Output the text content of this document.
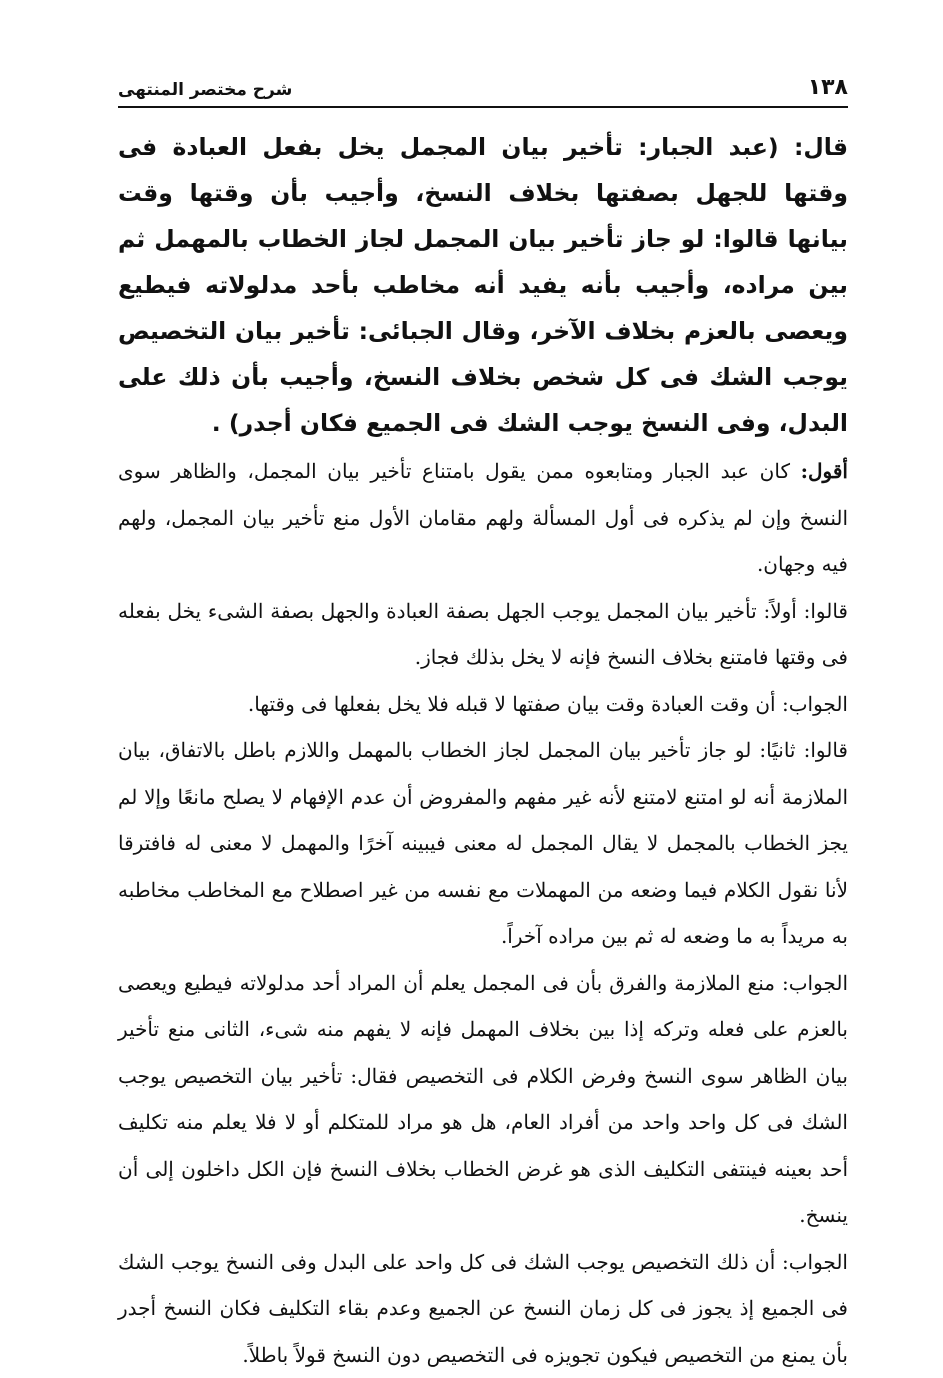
١٣٨
شرح مختصر المنتهى

قال: (عبد الجبار: تأخير بيان المجمل يخل بفعل العبادة فى وقتها للجهل بصفتها بخلاف النسخ، وأجيب بأن وقتها وقت بيانها قالوا: لو جاز تأخير بيان المجمل لجاز الخطاب بالمهمل ثم بين مراده، وأجيب بأنه يفيد أنه مخاطب بأحد مدلولاته فيطيع ويعصى بالعزم بخلاف الآخر، وقال الجبائى: تأخير بيان التخصيص يوجب الشك فى كل شخص بخلاف النسخ، وأجيب بأن ذلك على البدل، وفى النسخ يوجب الشك فى الجميع فكان أجدر) .

أقول: كان عبد الجبار ومتابعوه ممن يقول بامتناع تأخير بيان المجمل، والظاهر سوى النسخ وإن لم يذكره فى أول المسألة ولهم مقامان الأول منع تأخير بيان المجمل، ولهم فيه وجهان.

قالوا: أولاً: تأخير بيان المجمل يوجب الجهل بصفة العبادة والجهل بصفة الشىء يخل بفعله فى وقتها فامتنع بخلاف النسخ فإنه لا يخل بذلك فجاز.

الجواب: أن وقت العبادة وقت بيان صفتها لا قبله فلا يخل بفعلها فى وقتها.

قالوا: ثانيًا: لو جاز تأخير بيان المجمل لجاز الخطاب بالمهمل واللازم باطل بالاتفاق، بيان الملازمة أنه لو امتنع لامتنع لأنه غير مفهم والمفروض أن عدم الإفهام لا يصلح مانعًا وإلا لم يجز الخطاب بالمجمل لا يقال المجمل له معنى فيبينه آخرًا والمهمل لا معنى له فافترقا لأنا نقول الكلام فيما وضعه من المهملات مع نفسه من غير اصطلاح مع المخاطب مخاطبه به مريداً به ما وضعه له ثم بين مراده آخراً.

الجواب: منع الملازمة والفرق بأن فى المجمل يعلم أن المراد أحد مدلولاته فيطيع ويعصى بالعزم على فعله وتركه إذا بين بخلاف المهمل فإنه لا يفهم منه شىء، الثانى منع تأخير بيان الظاهر سوى النسخ وفرض الكلام فى التخصيص فقال: تأخير بيان التخصيص يوجب الشك فى كل واحد واحد من أفراد العام، هل هو مراد للمتكلم أو لا فلا يعلم منه تكليف أحد بعينه فينتفى التكليف الذى هو غرض الخطاب بخلاف النسخ فإن الكل داخلون إلى أن ينسخ.

الجواب: أن ذلك التخصيص يوجب الشك فى كل واحد على البدل وفى النسخ يوجب الشك فى الجميع إذ يجوز فى كل زمان النسخ عن الجميع وعدم بقاء التكليف فكان النسخ أجدر بأن يمنع من التخصيص فيكون تجويزه فى التخصيص دون النسخ قولاً باطلاً.
